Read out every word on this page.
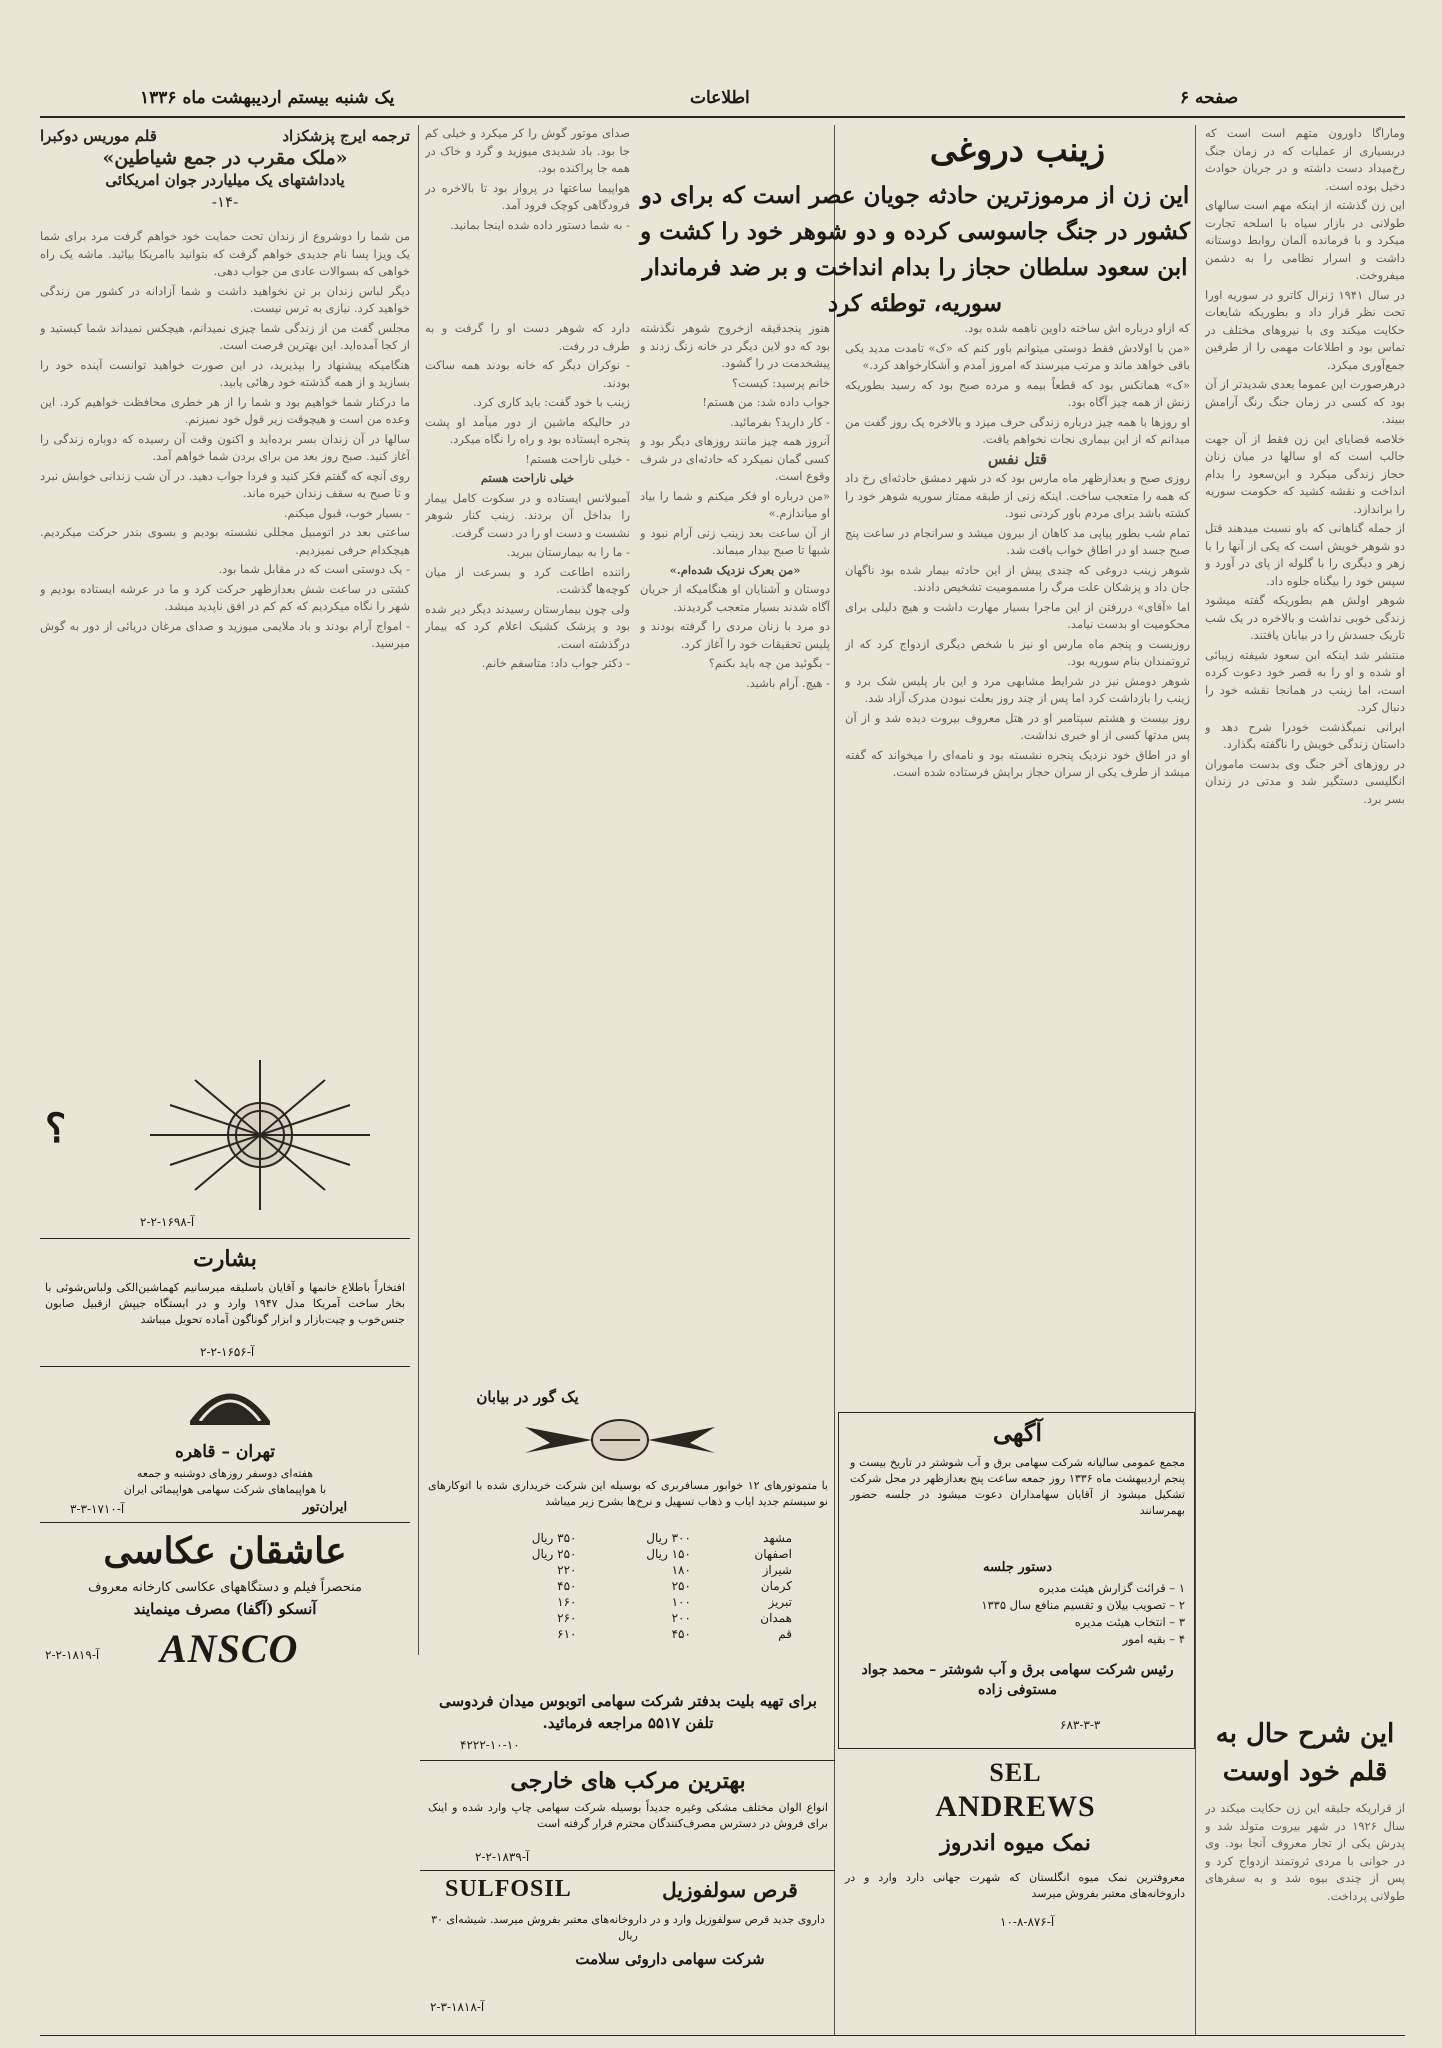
صفحه ۶
اطلاعات
یک شنبه بیستم اردیبهشت ماه ۱۳۳۶

وماراگا داورون متهم است است که دربسیاری از عملیات که در زمان جنگ رخ‌میداد دست داشته و در جریان حوادث دخیل بوده است.

این زن گذشته از اینکه مهم است سالهای طولانی در بازار سیاه با اسلحه تجارت میکرد و با فرمانده آلمان روابط دوستانه داشت و اسرار نظامی را به دشمن میفروخت.

در سال ۱۹۴۱ ژنرال کاترو در سوریه اورا تحت نظر قرار داد و بطوریکه شایعات حکایت میکند وی با نیروهای مختلف در تماس بود و اطلاعات مهمی را از طرفین جمع‌آوری میکرد.

درهرصورت این عموما بعدی شدیدتر از آن بود که کسی در زمان جنگ رنگ آرامش ببیند.

خلاصه قضایای این زن فقط از آن جهت جالب است که او سالها در میان زنان حجاز زندگی میکرد و ابن‌سعود را بدام انداخت و نقشه کشید که حکومت سوریه را براندازد.

از جمله گناهانی که باو نسبت میدهند قتل دو شوهر خویش است که یکی از آنها را با زهر و دیگری را با گلوله از پای در آورد و سپس خود را بیگناه جلوه داد.

شوهر اولش هم بطوریکه گفته میشود زندگی خوبی نداشت و بالاخره در یک شب تاریک جسدش را در بیابان یافتند.

منتشر شد اینکه ابن سعود شیفته زیبائی او شده و او را به قصر خود دعوت کرده است، اما زینب در همانجا نقشه خود را دنبال کرد.

ایرانی نمیگذشت خودرا شرح دهد و داستان زندگی خویش را ناگفته بگذارد.

در روزهای آخر جنگ وی بدست ماموران انگلیسی دستگیر شد و مدتی در زندان بسر برد.

این شرح حال به قلم خود اوست

از قراریکه جلیقه این زن حکایت میکند در سال ۱۹۲۶ در شهر بیروت متولد شد و پدرش یکی از تجار معروف آنجا بود. وی در جوانی با مردی ثروتمند ازدواج کرد و پس از چندی بیوه شد و به سفرهای طولانی پرداخت.

زینب دروغی
این زن از مرموزترین حادثه جویان عصر است که برای دو کشور در جنگ جاسوسی کرده و دو شوهر خود را کشت و ابن سعود سلطان حجاز را بدام انداخت و بر ضد فرماندار سوریه، توطئه کرد

که ازاو درباره اش ساخته داوین ناهمه شده بود.

«من با اولادش فقط دوستی میتوانم باور کنم که «ک» تامدت مدید یکی باقی خواهد ماند و مرتب میرسند که امروز آمدم و آشکارخواهد کرد.»

«ک» همانکس بود که قطعاً بیمه و مرده صبح بود که رسید بطوریکه زنش از همه چیز آگاه بود.

او روزها با همه چیز درباره زندگی حرف میزد و بالاخره یک روز گفت من میدانم که از این بیماری نجات نخواهم یافت.

قتل نفس

روزی صبح و بعدازظهر ماه مارس بود که در شهر دمشق حادثه‌ای رخ داد که همه را متعجب ساخت. اینکه زنی از طبقه ممتاز سوریه شوهر خود را کشته باشد برای مردم باور کردنی نبود.

تمام شب بطور پیاپی مد کاهان از بیرون میشد و سرانجام در ساعت پنج صبح جسد او در اطاق خواب یافت شد.

شوهر زینب دروغی که چندی پیش از این حادثه بیمار شده بود ناگهان جان داد و پزشکان علت مرگ را مسمومیت تشخیص دادند.

اما «آقای» دررفتن از این ماجرا بسیار مهارت داشت و هیچ دلیلی برای محکومیت او بدست نیامد.

روزیست و پنجم ماه مارس او نیز با شخص دیگری ازدواج کرد که از ثروتمندان بنام سوریه بود.

شوهر دومش نیز در شرایط مشابهی مرد و این بار پلیس شک برد و زینب را بازداشت کرد اما پس از چند روز بعلت نبودن مدرک آزاد شد.

روز بیست و هشتم سپتامبر او در هتل معروف بیروت دیده شد و از آن پس مدتها کسی از او خبری نداشت.

او در اطاق خود نزدیک پنجره نشسته بود و نامه‌ای را میخواند که گفته میشد از طرف یکی از سران حجاز برایش فرستاده شده است.

هنوز پنجدقیقه ازخروج شوهر نگذشته بود که دو لاین دیگر در خانه زنگ زدند و پیشخدمت در را گشود.

خانم پرسید: کیست؟

جواب داده شد: من هستم!

- کار دارید؟ بفرمائید.

آنروز همه چیز مانند روزهای دیگر بود و کسی گمان نمیکرد که حادثه‌ای در شرف وقوع است.

«من درباره او فکر میکنم و شما را بیاد او میاندازم.»

از آن ساعت بعد زینب زنی آرام نبود و شبها تا صبح بیدار میماند.

«من بعرک نزدیک شده‌ام.»

دوستان و آشنایان او هنگامیکه از جریان آگاه شدند بسیار متعجب گردیدند.

دو مرد با زنان مردی را گرفته بودند و پلیس تحقیقات خود را آغاز کرد.

- بگوئید من چه باید بکنم؟

- هیچ. آرام باشید.

دارد که شوهر دست او را گرفت و به طرف در رفت.

- نوکران دیگر که خانه بودند همه ساکت بودند.

زینب با خود گفت: باید کاری کرد.

در حالیکه ماشین از دور میآمد او پشت پنجره ایستاده بود و راه را نگاه میکرد.

- خیلی ناراحت هستم!

خیلی ناراحت هستم

آمبولانس ایستاده و در سکوت کامل بیمار را بداخل آن بردند. زینب کنار شوهر نشست و دست او را در دست گرفت.

- ما را به بیمارستان ببرید.

راننده اطاعت کرد و بسرعت از میان کوچه‌ها گذشت.

ولی چون بیمارستان رسیدند دیگر دیر شده بود و پزشک کشیک اعلام کرد که بیمار درگذشته است.

- دکتر جواب داد: متاسفم خانم.

ترجمه ایرج پزشکزاد
قلم موریس دوکبرا
«ملک مقرب در جمع شیاطین»
یادداشتهای یک میلیاردر جوان امریکائی
-۱۴-

من شما را دوشروع از زندان تحت حمایت خود خواهم گرفت مرد برای شما یک ویزا پسا نام جدیدی خواهم گرفت که بتوانید باامریکا بیائید. ماشه یک راه خواهی که بسوالات عادی من جواب دهی.

دیگر لباس زندان بر تن نخواهید داشت و شما آزادانه در کشور من زندگی خواهید کرد. نیازی به ترس نیست.

مجلس گفت من از زندگی شما چیزی نمیدانم، هیچکس نمیداند شما کیستید و از کجا آمده‌اید. این بهترین فرصت است.

هنگامیکه پیشنهاد را بپذیرید، در این صورت خواهید توانست آینده خود را بسازید و از همه گذشته خود رهائی یابید.

ما درکنار شما خواهیم بود و شما را از هر خطری محافظت خواهیم کرد. این وعده من است و هیچوقت زیر قول خود نمیزنم.

سالها در آن زندان بسر برده‌اید و اکنون وقت آن رسیده که دوباره زندگی را آغاز کنید. صبح روز بعد من برای بردن شما خواهم آمد.

روی آنچه که گفتم فکر کنید و فردا جواب دهید. در آن شب زندانی خوابش نبرد و تا صبح به سقف زندان خیره ماند.

- بسیار خوب، قبول میکنم.

ساعتی بعد در اتومبیل مجللی نشسته بودیم و بسوی بندر حرکت میکردیم. هیچکدام حرفی نمیزدیم.

- یک دوستی است که در مقابل شما بود.

کشتی در ساعت شش بعدازظهر حرکت کرد و ما در عرشه ایستاده بودیم و شهر را نگاه میکردیم که کم کم در افق ناپدید میشد.

- امواج آرام بودند و باد ملایمی میوزید و صدای مرغان دریائی از دور به گوش میرسید.

صدای موتور گوش را کر میکرد و خیلی کم جا بود. باد شدیدی میوزید و گرد و خاک در همه جا پراکنده بود.

هواپیما ساعتها در پرواز بود تا بالاخره در فرودگاهی کوچک فرود آمد.

- به شما دستور داده شده اینجا بمانید.

یک گور در بیابان
؟
آ-۱۶۹۸-۲-۲
بشارت
افتخاراً باطلاع خانمها و آقایان باسلیقه میرسانیم کهماشین‌الکی ولباس‌شوئی با بخار ساخت آمریکا مدل ۱۹۴۷ وارد و در ایستگاه جیپش ازقبیل صابون جنس‌خوب و چیت‌بازار و ابزار گوناگون آماده تحویل میباشد
آ-۱۶۵۶-۲-۲
تهران – قاهره
هفته‌ای دوسفر روزهای دوشنبه و جمعه
با هواپیماهای شرکت سهامی هواپیمائی ایران
ایران‌تور
آ-۱۷۱۰-۳-۳
عاشقان عکاسی
منحصراً فیلم و دستگاههای عکاسی کارخانه معروف
آنسکو (آگفا) مصرف مینمایند
ANSCO
آ-۱۸۱۹-۲-۲
با متموتورهای ۱۲ خوابور مسافربری که بوسیله این شرکت خریداری شده با اتوکارهای نو سیستم جدید ایاب و ذهاب تسهیل و نرخ‌ها بشرح زیر میباشد
مشهد	۳۰۰ ریال	۳۵۰ ریال
اصفهان	۱۵۰ ریال	۲۵۰ ریال
شیراز	۱۸۰	۲۲۰
کرمان	۲۵۰	۴۵۰
تبریز	۱۰۰	۱۶۰
همدان	۲۰۰	۲۶۰
قم	۴۵۰	۶۱۰
برای تهیه بلیت بدفتر شرکت سهامی اتوبوس میدان فردوسی تلفن ۵۵۱۷ مراجعه فرمائید.
۴۲۲۲-۱۰-۱۰
بهترین مرکب های خارجی
انواع الوان مختلف مشکی وغیره جدیداً بوسیله شرکت سهامی چاپ وارد شده و اینک برای فروش در دسترس مصرف‌کنندگان محترم قرار گرفته است
آ-۱۸۳۹-۲-۲
قرص سولفوزیل
SULFOSIL
داروی جدید قرص سولفوزیل وارد و در داروخانه‌های معتبر بفروش میرسد. شیشه‌ای ۳۰ ریال
شرکت سهامی داروئی سلامت
آ-۱۸۱۸-۳-۲
آگهی
مجمع عمومی سالیانه شرکت سهامی برق و آب شوشتر در تاریخ بیست و پنجم اردیبهشت ماه ۱۳۳۶ روز جمعه ساعت پنج بعدازظهر در محل شرکت تشکیل میشود از آقایان سهامداران دعوت میشود در جلسه حضور بهمرسانند
دستور جلسه
۱ – قرائت گزارش هیئت مدیره
۲ – تصویب بیلان و تقسیم منافع سال ۱۳۳۵
۳ – انتخاب هیئت مدیره
۴ – بقیه امور
رئیس شرکت سهامی برق و آب شوشتر – محمد جواد مستوفی زاده
۶۸۳-۳-۳
SEL
ANDREWS
نمک میوه اندروز
معروفترین نمک میوه انگلستان که شهرت جهانی دارد وارد و در داروخانه‌های معتبر بفروش میرسد
آ-۸۷۶-۸-۱۰
